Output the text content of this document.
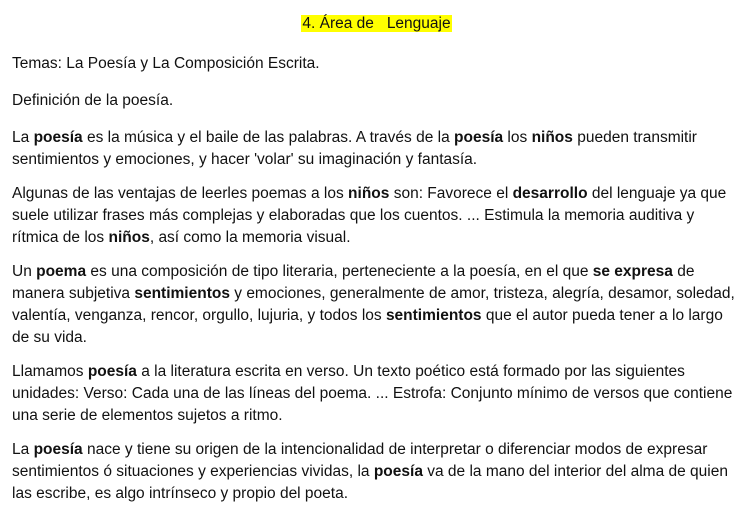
4. Área de   Lenguaje

Temas: La Poesía y La Composición Escrita.

Definición de la poesía.

La poesía es la música y el baile de las palabras. A través de la poesía los niños pueden transmitir sentimientos y emociones, y hacer 'volar' su imaginación y fantasía.

Algunas de las ventajas de leerles poemas a los niños son: Favorece el desarrollo del lenguaje ya que suele utilizar frases más complejas y elaboradas que los cuentos. ... Estimula la memoria auditiva y rítmica de los niños, así como la memoria visual.

Un poema es una composición de tipo literaria, perteneciente a la poesía, en el que se expresa de manera subjetiva sentimientos y emociones, generalmente de amor, tristeza, alegría, desamor, soledad, valentía, venganza, rencor, orgullo, lujuria, y todos los sentimientos que el autor pueda tener a lo largo de su vida.

Llamamos poesía a la literatura escrita en verso. Un texto poético está formado por las siguientes unidades: Verso: Cada una de las líneas del poema. ... Estrofa: Conjunto mínimo de versos que contiene una serie de elementos sujetos a ritmo.

La poesía nace y tiene su origen de la intencionalidad de interpretar o diferenciar modos de expresar sentimientos ó situaciones y experiencias vividas, la poesía va de la mano del interior del alma de quien las escribe, es algo intrínseco y propio del poeta.
